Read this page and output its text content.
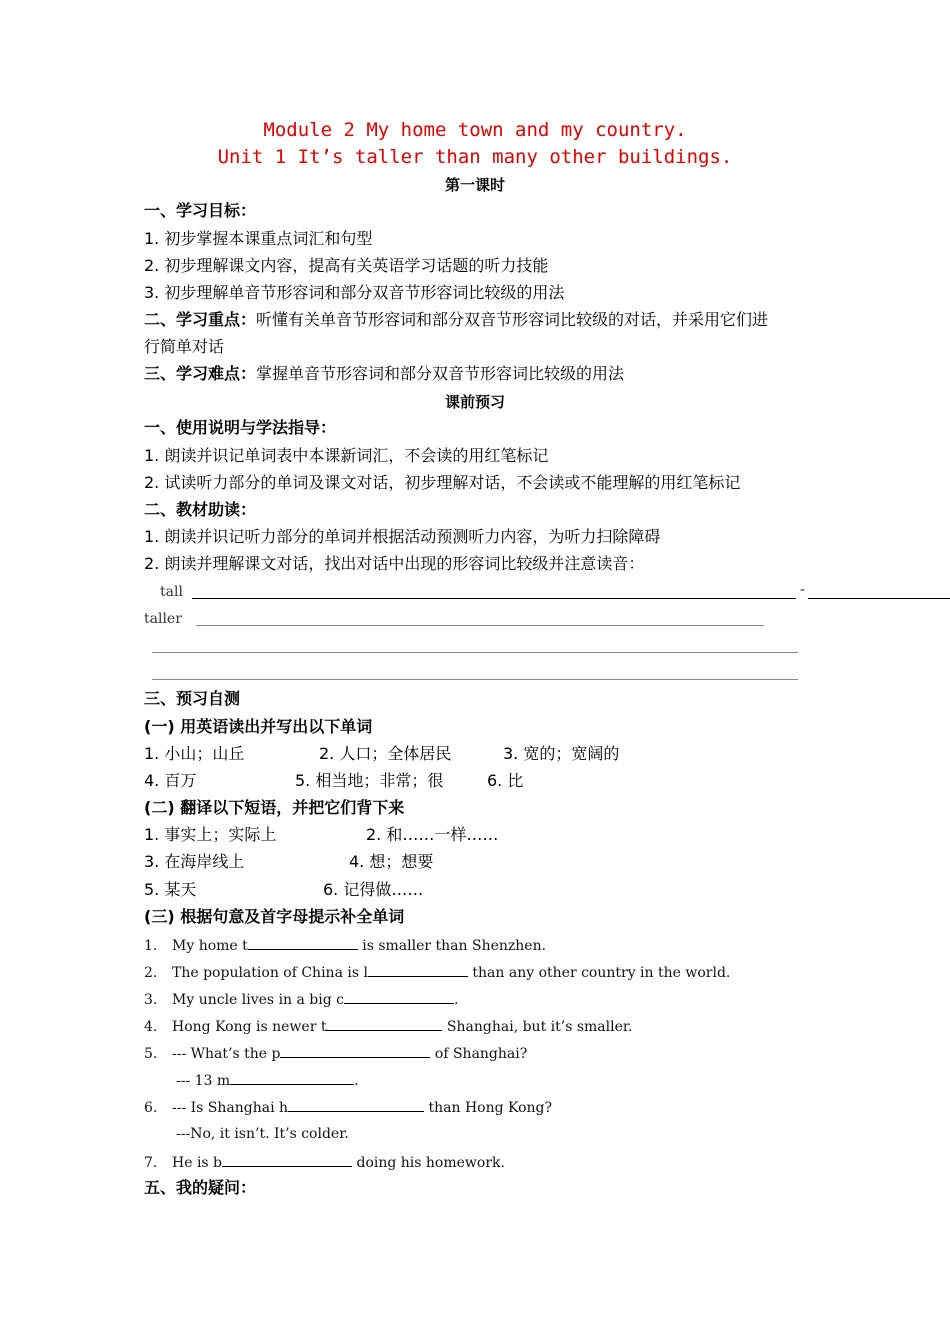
Module 2 My home town and my country.
Unit 1 It’s taller than many other buildings.
第一课时
一、学习目标：
1. 初步掌握本课重点词汇和句型
2. 初步理解课文内容，提高有关英语学习话题的听力技能
3. 初步理解单音节形容词和部分双音节形容词比较级的用法
二、学习重点：听懂有关单音节形容词和部分双音节形容词比较级的对话，并采用它们进
行简单对话
三、学习难点：掌握单音节形容词和部分双音节形容词比较级的用法
课前预习
一、使用说明与学法指导：
1. 朗读并识记单词表中本课新词汇，不会读的用红笔标记
2. 试读听力部分的单词及课文对话，初步理解对话，不会读或不能理解的用红笔标记
二、教材助读：
1. 朗读并识记听力部分的单词并根据活动预测听力内容，为听力扫除障碍
2. 朗读并理解课文对话，找出对话中出现的形容词比较级并注意读音：
tall	-
taller
三、预习自测
(一) 用英语读出并写出以下单词
1. 小山；山丘	2. 人口；全体居民	3. 宽的；宽阔的
4. 百万	5. 相当地；非常；很	6. 比
(二) 翻译以下短语，并把它们背下来
1. 事实上；实际上	2. 和……一样……
3. 在海岸线上	4. 想；想要
5. 某天	6. 记得做……
(三) 根据句意及首字母提示补全单词
1. My home t	is smaller than Shenzhen.
2. The population of China is l	than any other country in the world.
3. My uncle lives in a big c	.
4. Hong Kong is newer t	Shanghai, but it’s smaller.
5. --- What’s the p	of Shanghai?
--- 13 m	.
6. --- Is Shanghai h	than Hong Kong?
---No, it isn’t. It’s colder.
7. He is b	doing his homework.
五、我的疑问：
